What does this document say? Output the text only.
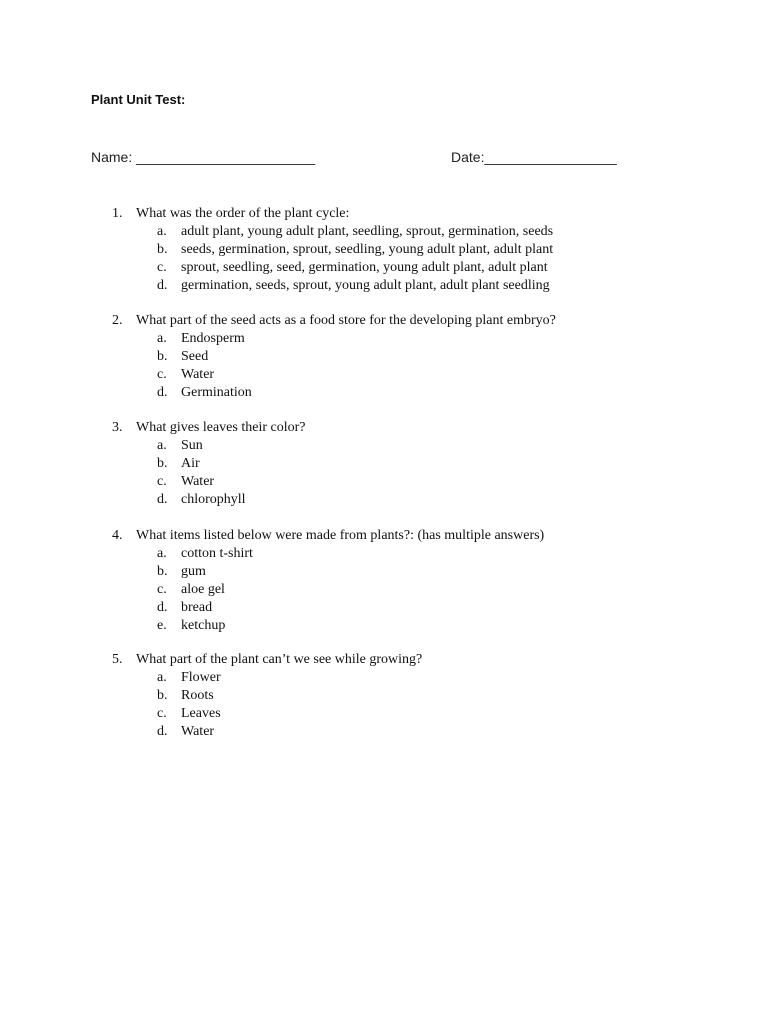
Plant Unit Test:
Name: _______________________	Date:_________________
1. What was the order of the plant cycle:
a. adult plant, young adult plant, seedling, sprout, germination, seeds
b. seeds, germination, sprout, seedling, young adult plant, adult plant
c. sprout, seedling, seed, germination, young adult plant, adult plant
d. germination, seeds, sprout, young adult plant, adult plant seedling
2. What part of the seed acts as a food store for the developing plant embryo?
a. Endosperm
b. Seed
c. Water
d. Germination
3. What gives leaves their color?
a. Sun
b. Air
c. Water
d. chlorophyll
4. What items listed below were made from plants?: (has multiple answers)
a. cotton t-shirt
b. gum
c. aloe gel
d. bread
e. ketchup
5. What part of the plant can’t we see while growing?
a. Flower
b. Roots
c. Leaves
d. Water
